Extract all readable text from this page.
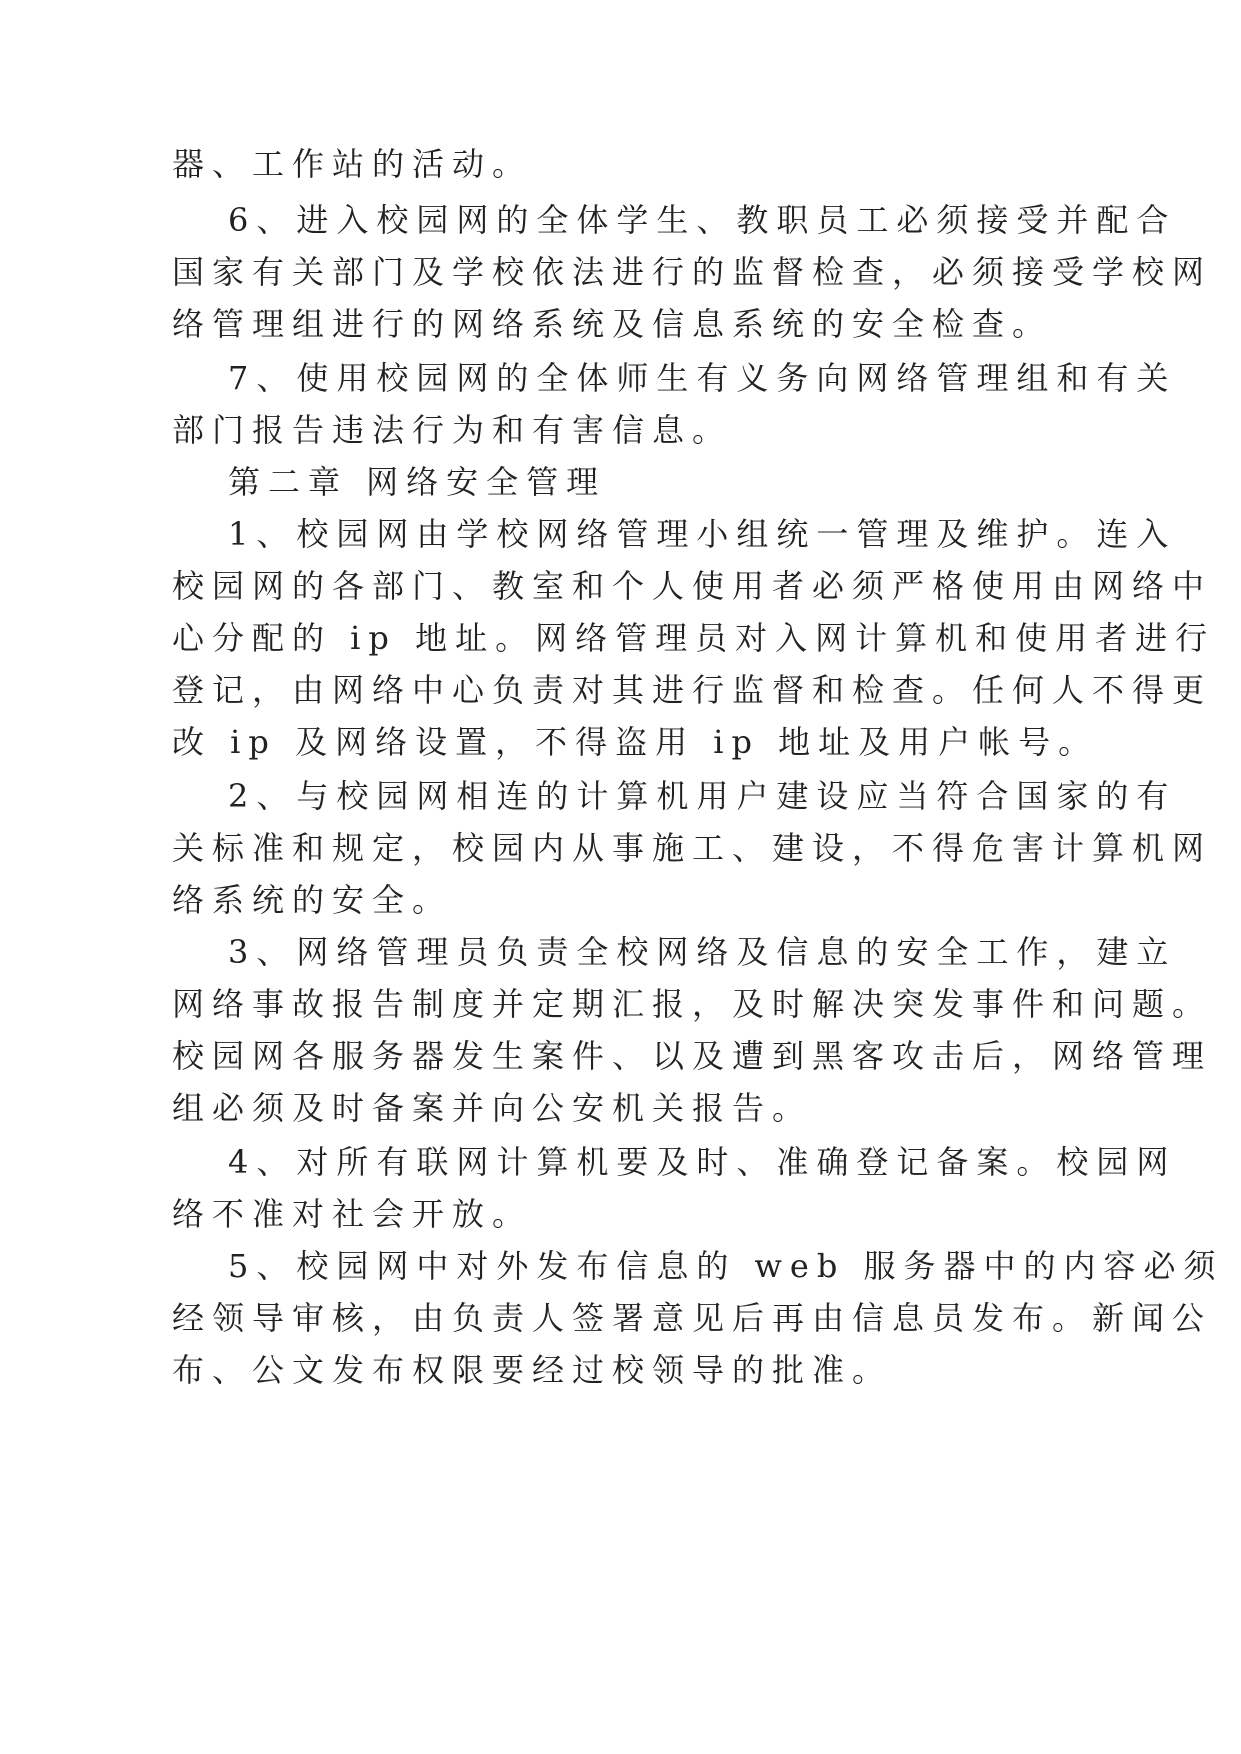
器、工作站的活动。
6、进入校园网的全体学生、教职员工必须接受并配合
国家有关部门及学校依法进行的监督检查，必须接受学校网
络管理组进行的网络系统及信息系统的安全检查。
7、使用校园网的全体师生有义务向网络管理组和有关
部门报告违法行为和有害信息。
第二章 网络安全管理
1、校园网由学校网络管理小组统一管理及维护。连入
校园网的各部门、教室和个人使用者必须严格使用由网络中
心分配的 ip 地址。网络管理员对入网计算机和使用者进行
登记，由网络中心负责对其进行监督和检查。任何人不得更
改 ip 及网络设置，不得盗用 ip 地址及用户帐号。
2、与校园网相连的计算机用户建设应当符合国家的有
关标准和规定，校园内从事施工、建设，不得危害计算机网
络系统的安全。
3、网络管理员负责全校网络及信息的安全工作，建立
网络事故报告制度并定期汇报，及时解决突发事件和问题。
校园网各服务器发生案件、以及遭到黑客攻击后，网络管理
组必须及时备案并向公安机关报告。
4、对所有联网计算机要及时、准确登记备案。校园网
络不准对社会开放。
5、校园网中对外发布信息的 web 服务器中的内容必须
经领导审核，由负责人签署意见后再由信息员发布。新闻公
布、公文发布权限要经过校领导的批准。
